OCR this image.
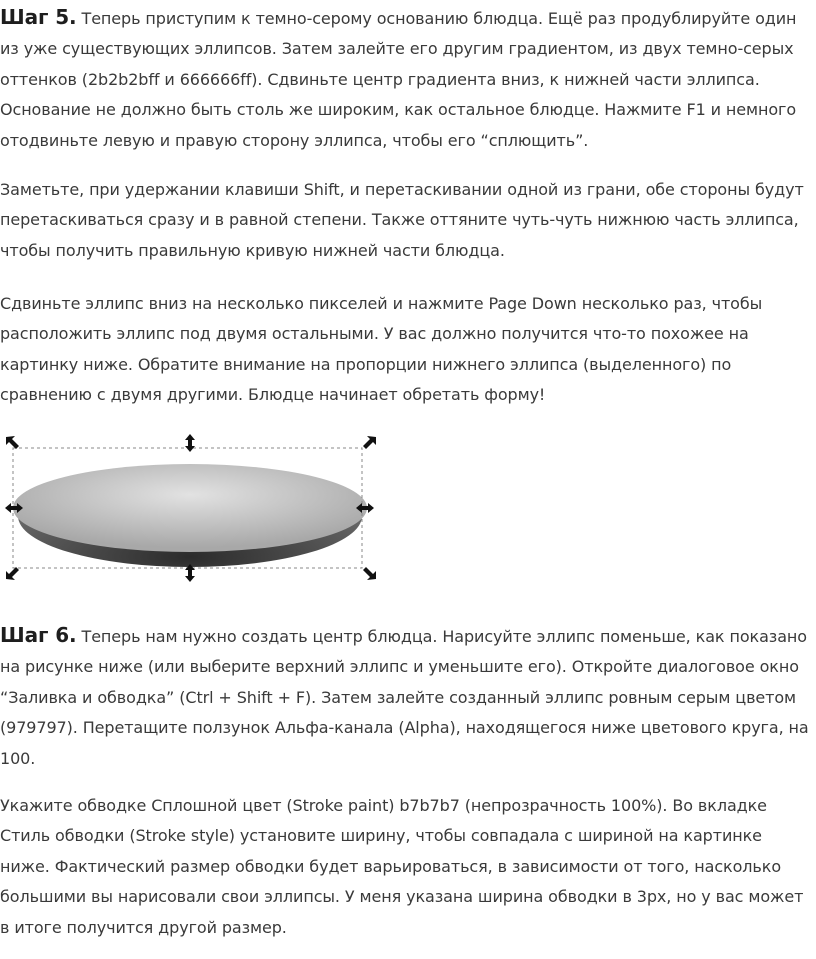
Шаг 5. Теперь приступим к темно-серому основанию блюдца. Ещё раз продублируйте один из уже существующих эллипсов. Затем залейте его другим градиентом, из двух темно-серых оттенков (2b2b2bff и 666666ff). Сдвиньте центр градиента вниз, к нижней части эллипса. Основание не должно быть столь же широким, как остальное блюдце. Нажмите F1 и немного отодвиньте левую и правую сторону эллипса, чтобы его “сплющить”.

Заметьте, при удержании клавиши Shift, и перетаскивании одной из грани, обе стороны будут перетаскиваться сразу и в равной степени. Также оттяните чуть-чуть нижнюю часть эллипса, чтобы получить правильную кривую нижней части блюдца.

Сдвиньте эллипс вниз на несколько пикселей и нажмите Page Down несколько раз, чтобы расположить эллипс под двумя остальными. У вас должно получится что-то похожее на картинку ниже. Обратите внимание на пропорции нижнего эллипса (выделенного) по сравнению с двумя другими. Блюдце начинает обретать форму!

Шаг 6. Теперь нам нужно создать центр блюдца. Нарисуйте эллипс поменьше, как показано на рисунке ниже (или выберите верхний эллипс и уменьшите его). Откройте диалоговое окно “Заливка и обводка” (Ctrl + Shift + F). Затем залейте созданный эллипс ровным серым цветом (979797). Перетащите ползунок Альфа-канала (Alpha), находящегося ниже цветового круга, на 100.

Укажите обводке Сплошной цвет (Stroke paint) b7b7b7 (непрозрачность 100%). Во вкладке Стиль обводки (Stroke style) установите ширину, чтобы совпадала с шириной на картинке ниже. Фактический размер обводки будет варьироваться, в зависимости от того, насколько большими вы нарисовали свои эллипсы. У меня указана ширина обводки в 3px, но у вас может в итоге получится другой размер.
